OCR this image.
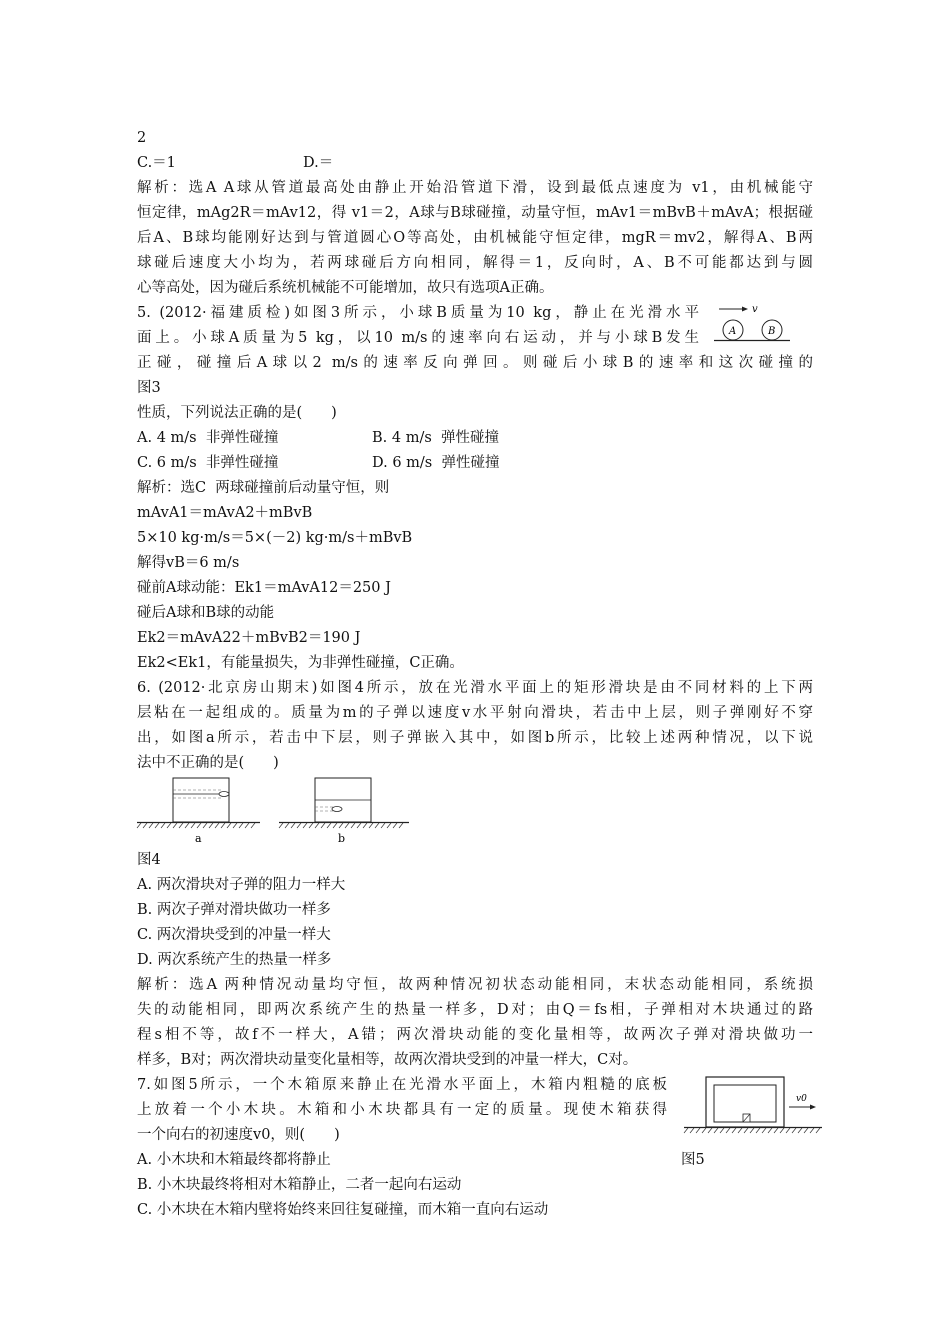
2
C.＝1	D.＝
解析：选A A球从管道最高处由静止开始沿管道下滑，设到最低点速度为 v1，由机械能守
恒定律，mAg2R＝mAv12，得 v1＝2，A球与B球碰撞，动量守恒，mAv1＝mBvB＋mAvA；根据碰
后A、B球均能刚好达到与管道圆心O等高处，由机械能守恒定律，mgR＝mv2，解得A、B两
球碰后速度大小均为，若两球碰后方向相同，解得＝1，反向时，A、B不可能都达到与圆
心等高处，因为碰后系统机械能不可能增加，故只有选项A正确。
5. (2012·福建质检)如图3所示，小球B质量为10 kg，静止在光滑水平
面上。小球A质量为5 kg，以10 m/s的速率向右运动，并与小球B发生
正碰，碰撞后A球以2 m/s的速率反向弹回。则碰后小球B的速率和这次碰撞的
v
A	B
图3
性质，下列说法正确的是(　　)
A. 4 m/s  非弹性碰撞	B. 4 m/s  弹性碰撞
C. 6 m/s  非弹性碰撞	D. 6 m/s  弹性碰撞
解析：选C  两球碰撞前后动量守恒，则
mAvA1＝mAvA2＋mBvB
5×10 kg·m/s＝5×(－2) kg·m/s＋mBvB
解得vB＝6 m/s
碰前A球动能：Ek1＝mAvA12＝250 J
碰后A球和B球的动能
Ek2＝mAvA22＋mBvB2＝190 J
Ek2<Ek1，有能量损失，为非弹性碰撞，C正确。
6. (2012·北京房山期末)如图4所示，放在光滑水平面上的矩形滑块是由不同材料的上下两
层粘在一起组成的。质量为m的子弹以速度v水平射向滑块，若击中上层，则子弹刚好不穿
出，如图a所示，若击中下层，则子弹嵌入其中，如图b所示，比较上述两种情况，以下说
法中不正确的是(　　)
a	b
图4
A. 两次滑块对子弹的阻力一样大
B. 两次子弹对滑块做功一样多
C. 两次滑块受到的冲量一样大
D. 两次系统产生的热量一样多
解析：选A 两种情况动量均守恒，故两种情况初状态动能相同，末状态动能相同，系统损
失的动能相同，即两次系统产生的热量一样多，D对；由Q＝fs相，子弹相对木块通过的路
程s相不等，故f不一样大，A错；两次滑块动能的变化量相等，故两次子弹对滑块做功一
样多，B对；两次滑块动量变化量相等，故两次滑块受到的冲量一样大，C对。
7.如图5所示，一个木箱原来静止在光滑水平面上，木箱内粗糙的底板
上放着一个小木块。木箱和小木块都具有一定的质量。现使木箱获得
一个向右的初速度v0，则(　　)
v0
A. 小木块和木箱最终都将静止	图5
B. 小木块最终将相对木箱静止，二者一起向右运动
C. 小木块在木箱内壁将始终来回往复碰撞，而木箱一直向右运动
